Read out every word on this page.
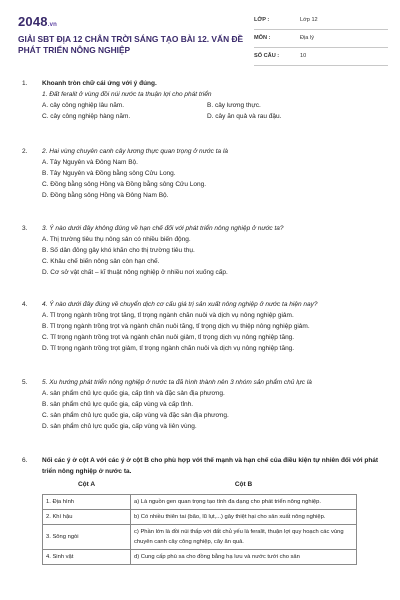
2048.vn
GIẢI SBT ĐỊA 12 CHÂN TRỜI SÁNG TẠO BÀI 12. VẤN ĐỀ PHÁT TRIỂN NÔNG NGHIỆP
LỚP :	Lớp 12
MÔN :	Địa lý
SỐ CÂU :	10
1.	Khoanh tròn chữ cái ứng với ý đúng.
1. Đất feralit ở vùng đồi núi nước ta thuận lợi cho phát triển
A. cây công nghiệp lâu năm.	B. cây lương thực.
C. cây công nghiệp hàng năm.	D. cây ăn quả và rau đậu.
2.	2. Hai vùng chuyên canh cây lương thực quan trọng ở nước ta là
A. Tây Nguyên và Đông Nam Bộ.
B. Tây Nguyên và Đồng bằng sông Cửu Long.
C. Đồng bằng sông Hồng và Đồng bằng sông Cửu Long.
D. Đồng bằng sông Hồng và Đông Nam Bộ.
3.	3. Ý nào dưới đây không đúng về hạn chế đối với phát triển nông nghiệp ở nước ta?
A. Thị trường tiêu thụ nông sản có nhiều biến động.
B. Số dân đông gây khó khăn cho thị trường tiêu thụ.
C. Khâu chế biến nông sản còn hạn chế.
D. Cơ sở vật chất – kĩ thuật nông nghiệp ở nhiều nơi xuống cấp.
4.	4. Ý nào dưới đây đúng về chuyển dịch cơ cấu giá trị sản xuất nông nghiệp ở nước ta hiện nay?
A. Tỉ trọng ngành trồng trọt tăng, tỉ trọng ngành chăn nuôi và dịch vụ nông nghiệp giảm.
B. Tỉ trọng ngành trồng trọt và ngành chăn nuôi tăng, tỉ trọng dịch vụ thiệp nông nghiệp giảm.
C. Tỉ trọng ngành trồng trọt và ngành chăn nuôi giảm, tỉ trọng dịch vụ nông nghiệp tăng.
D. Tỉ trọng ngành trồng trọt giảm, tỉ trọng ngành chăn nuôi và dịch vụ nông nghiệp tăng.
5.	5. Xu hướng phát triển nông nghiệp ở nước ta đã hình thành nên 3 nhóm sản phẩm chủ lực là
A. sản phẩm chủ lực quốc gia, cấp tỉnh và đặc sản địa phương.
B. sản phẩm chủ lực quốc gia, cấp vùng và cấp tỉnh.
C. sản phẩm chủ lực quốc gia, cấp vùng và đặc sản địa phương.
D. sản phẩm chủ lực quốc gia, cấp vùng và liên vùng.
6.	Nối các ý ở cột A với các ý ở cột B cho phù hợp với thế mạnh và hạn chế của điều kiện tự nhiên đối với phát triển nông nghiệp ở nước ta.
Cột A	Cột B
1. Địa hình	a) Là nguồn gen quan trọng tạo tính đa dạng cho phát triển nông nghiệp.
2. Khí hậu	b) Có nhiều thiên tai (bão, lũ lụt,...) gây thiệt hại cho sản xuất nông nghiệp.
3. Sông ngòi	c) Phần lớn là đồi núi thấp với đất chủ yếu là feralit, thuận lợi quy hoạch các vùng chuyên canh cây công nghiệp, cây ăn quả.
4. Sinh vật	d) Cung cấp phù sa cho đồng bằng hạ lưu và nước tưới cho sản
